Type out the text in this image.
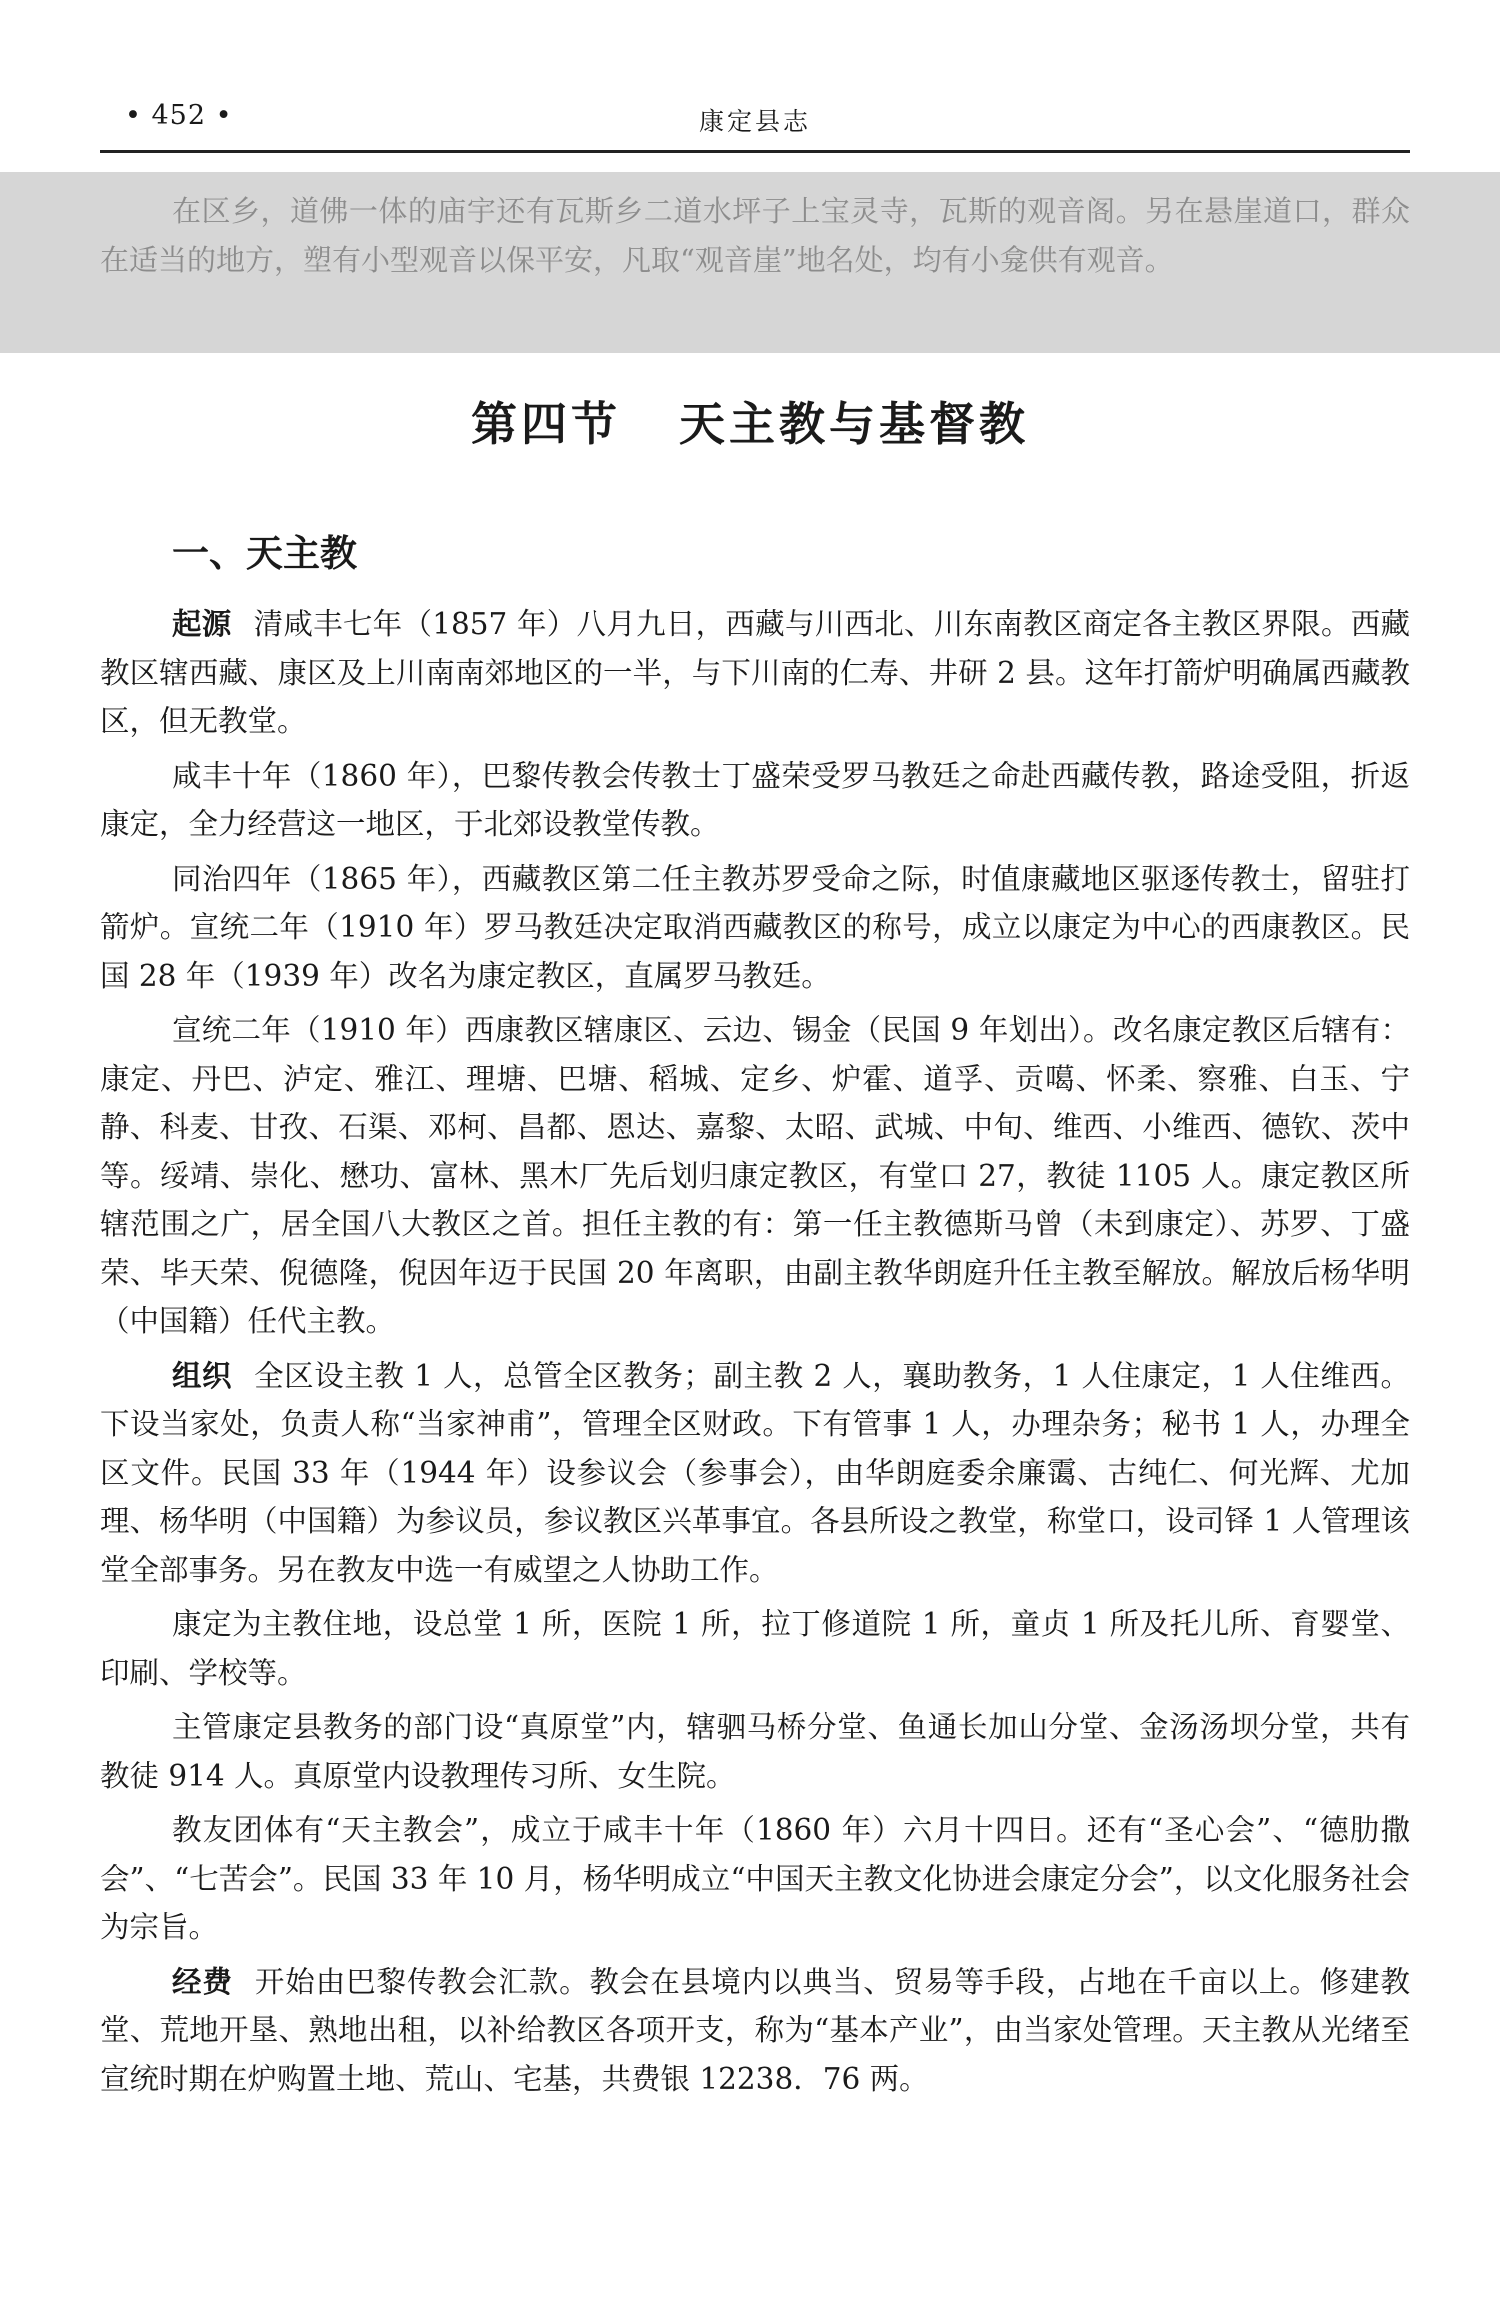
• 452 •	康定县志

在区乡，道佛一体的庙宇还有瓦斯乡二道水坪子上宝灵寺，瓦斯的观音阁。另在悬崖道口，群众在适当的地方，塑有小型观音以保平安，凡取“观音崖”地名处，均有小龛供有观音。

第四节 天主教与基督教
一、天主教

起源 清咸丰七年（1857 年）八月九日，西藏与川西北、川东南教区商定各主教区界限。西藏教区辖西藏、康区及上川南南郊地区的一半，与下川南的仁寿、井研 2 县。这年打箭炉明确属西藏教区，但无教堂。

咸丰十年（1860 年），巴黎传教会传教士丁盛荣受罗马教廷之命赴西藏传教，路途受阻，折返康定，全力经营这一地区，于北郊设教堂传教。

同治四年（1865 年），西藏教区第二任主教苏罗受命之际，时值康藏地区驱逐传教士，留驻打箭炉。宣统二年（1910 年）罗马教廷决定取消西藏教区的称号，成立以康定为中心的西康教区。民国 28 年（1939 年）改名为康定教区，直属罗马教廷。

宣统二年（1910 年）西康教区辖康区、云边、锡金（民国 9 年划出）。改名康定教区后辖有：康定、丹巴、泸定、雅江、理塘、巴塘、稻城、定乡、炉霍、道孚、贡噶、怀柔、察雅、白玉、宁静、科麦、甘孜、石渠、邓柯、昌都、恩达、嘉黎、太昭、武城、中旬、维西、小维西、德钦、茨中等。绥靖、崇化、懋功、富林、黑木厂先后划归康定教区，有堂口 27，教徒 1105 人。康定教区所辖范围之广，居全国八大教区之首。担任主教的有：第一任主教德斯马曾（未到康定）、苏罗、丁盛荣、毕天荣、倪德隆，倪因年迈于民国 20 年离职，由副主教华朗庭升任主教至解放。解放后杨华明（中国籍）任代主教。

组织 全区设主教 1 人，总管全区教务；副主教 2 人，襄助教务，1 人住康定，1 人住维西。下设当家处，负责人称“当家神甫”，管理全区财政。下有管事 1 人，办理杂务；秘书 1 人，办理全区文件。民国 33 年（1944 年）设参议会（参事会），由华朗庭委余廉霭、古纯仁、何光辉、尤加理、杨华明（中国籍）为参议员，参议教区兴革事宜。各县所设之教堂，称堂口，设司铎 1 人管理该堂全部事务。另在教友中选一有威望之人协助工作。

康定为主教住地，设总堂 1 所，医院 1 所，拉丁修道院 1 所，童贞 1 所及托儿所、育婴堂、印刷、学校等。

主管康定县教务的部门设“真原堂”内，辖驷马桥分堂、鱼通长加山分堂、金汤汤坝分堂，共有教徒 914 人。真原堂内设教理传习所、女生院。

教友团体有“天主教会”，成立于咸丰十年（1860 年）六月十四日。还有“圣心会”、“德肋撒会”、“七苦会”。民国 33 年 10 月，杨华明成立“中国天主教文化协进会康定分会”，以文化服务社会为宗旨。

经费 开始由巴黎传教会汇款。教会在县境内以典当、贸易等手段，占地在千亩以上。修建教堂、荒地开垦、熟地出租，以补给教区各项开支，称为“基本产业”，由当家处管理。天主教从光绪至宣统时期在炉购置土地、荒山、宅基，共费银 12238．76 两。
